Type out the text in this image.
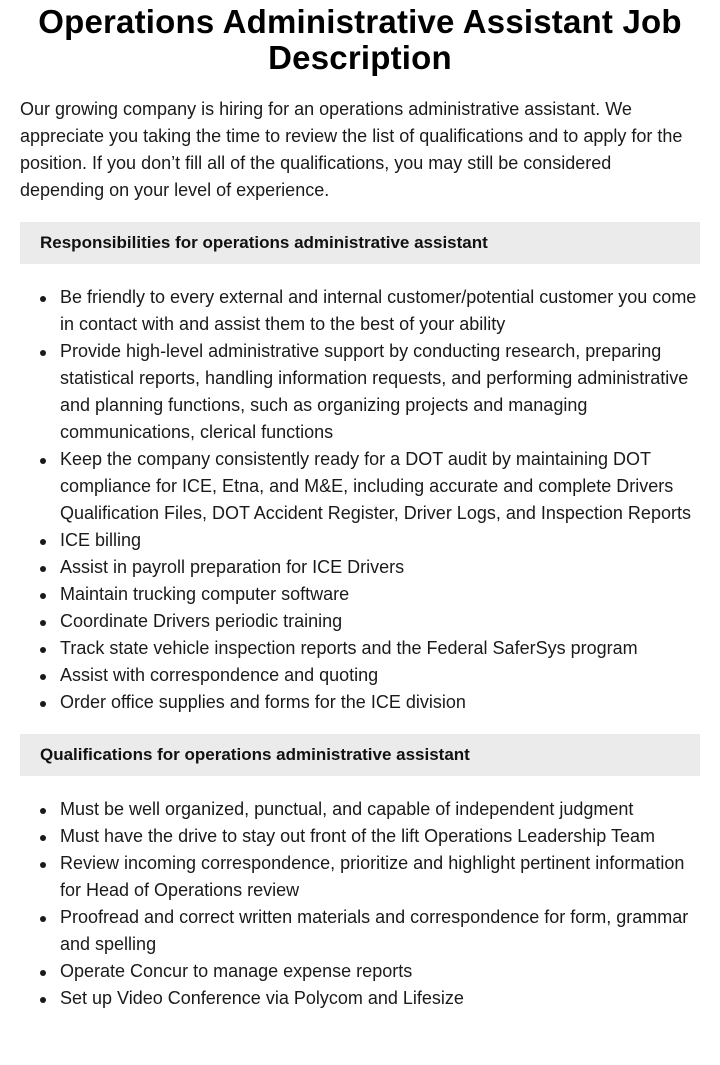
Operations Administrative Assistant Job Description

Our growing company is hiring for an operations administrative assistant. We appreciate you taking the time to review the list of qualifications and to apply for the position. If you don’t fill all of the qualifications, you may still be considered depending on your level of experience.

Responsibilities for operations administrative assistant
Be friendly to every external and internal customer/potential customer you come in contact with and assist them to the best of your ability
Provide high-level administrative support by conducting research, preparing statistical reports, handling information requests, and performing administrative and planning functions, such as organizing projects and managing communications, clerical functions
Keep the company consistently ready for a DOT audit by maintaining DOT compliance for ICE, Etna, and M&E, including accurate and complete Drivers Qualification Files, DOT Accident Register, Driver Logs, and Inspection Reports
ICE billing
Assist in payroll preparation for ICE Drivers
Maintain trucking computer software
Coordinate Drivers periodic training
Track state vehicle inspection reports and the Federal SaferSys program
Assist with correspondence and quoting
Order office supplies and forms for the ICE division
Qualifications for operations administrative assistant
Must be well organized, punctual, and capable of independent judgment
Must have the drive to stay out front of the lift Operations Leadership Team
Review incoming correspondence, prioritize and highlight pertinent information for Head of Operations review
Proofread and correct written materials and correspondence for form, grammar and spelling
Operate Concur to manage expense reports
Set up Video Conference via Polycom and Lifesize
